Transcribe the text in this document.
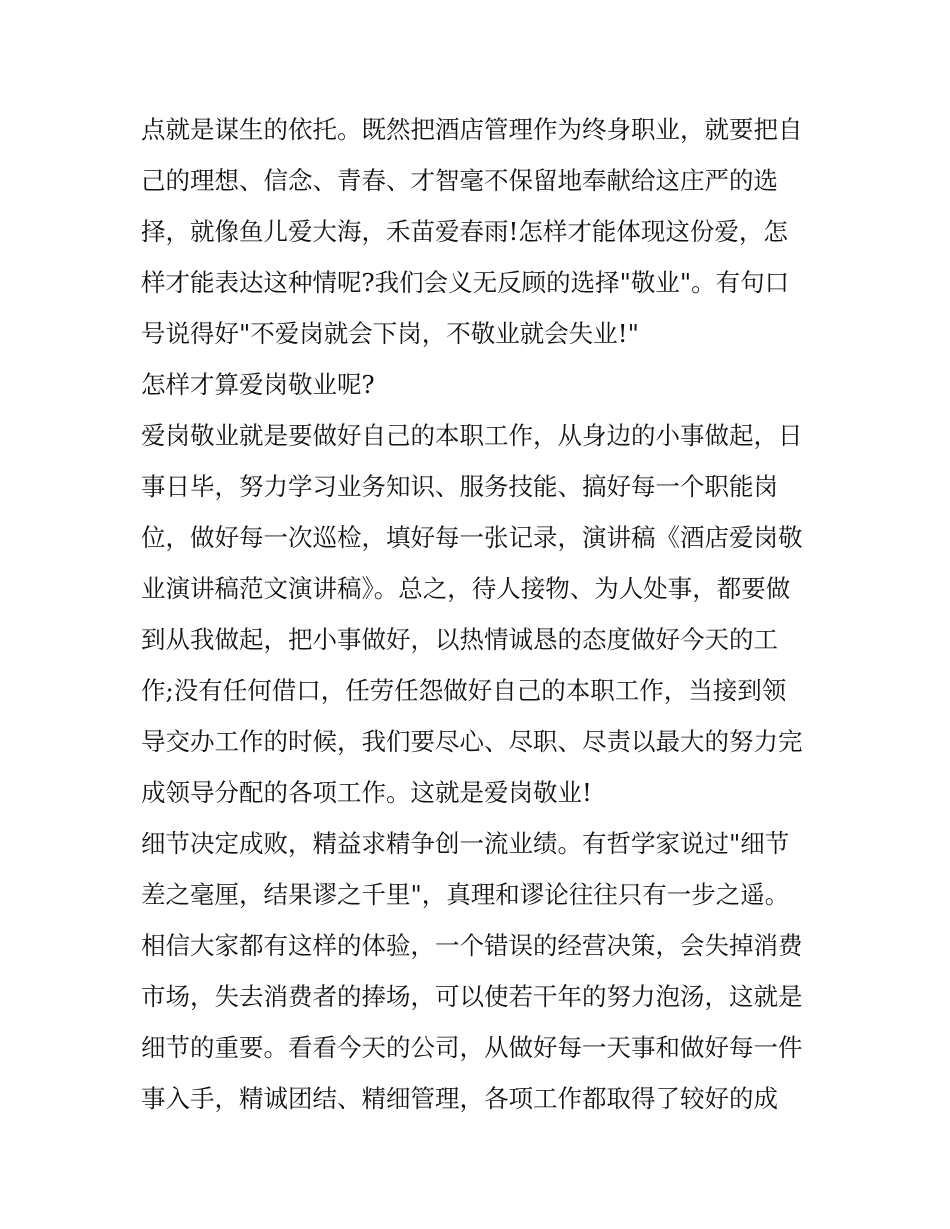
点就是谋生的依托。既然把酒店管理作为终身职业，就要把自
己的理想、信念、青春、才智毫不保留地奉献给这庄严的选
择，就像鱼儿爱大海，禾苗爱春雨!怎样才能体现这份爱，怎
样才能表达这种情呢?我们会义无反顾的选择"敬业"。有句口
号说得好"不爱岗就会下岗，不敬业就会失业!"
怎样才算爱岗敬业呢?
爱岗敬业就是要做好自己的本职工作，从身边的小事做起，日
事日毕，努力学习业务知识、服务技能、搞好每一个职能岗
位，做好每一次巡检，填好每一张记录，演讲稿《酒店爱岗敬
业演讲稿范文演讲稿》。总之，待人接物、为人处事，都要做
到从我做起，把小事做好，以热情诚恳的态度做好今天的工
作;没有任何借口，任劳任怨做好自己的本职工作，当接到领
导交办工作的时候，我们要尽心、尽职、尽责以最大的努力完
成领导分配的各项工作。这就是爱岗敬业!
细节决定成败，精益求精争创一流业绩。有哲学家说过"细节
差之毫厘，结果谬之千里"，真理和谬论往往只有一步之遥。
相信大家都有这样的体验，一个错误的经营决策，会失掉消费
市场，失去消费者的捧场，可以使若干年的努力泡汤，这就是
细节的重要。看看今天的公司，从做好每一天事和做好每一件
事入手，精诚团结、精细管理，各项工作都取得了较好的成
